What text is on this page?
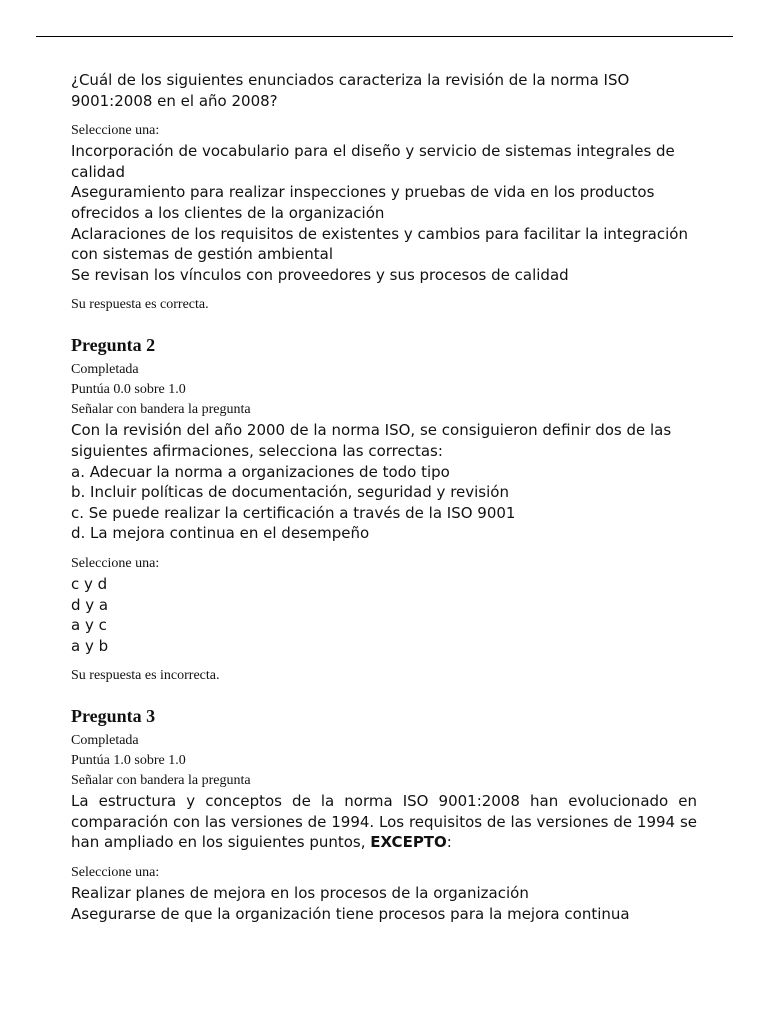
¿Cuál de los siguientes enunciados caracteriza la revisión de la norma ISO 9001:2008 en el año 2008?
Seleccione una:
Incorporación de vocabulario para el diseño y servicio de sistemas integrales de calidad
Aseguramiento para realizar inspecciones y pruebas de vida en los productos ofrecidos a los clientes de la organización
Aclaraciones de los requisitos de existentes y cambios para facilitar la integración con sistemas de gestión ambiental
Se revisan los vínculos con proveedores y sus procesos de calidad
Su respuesta es correcta.
Pregunta 2
Completada
Puntúa 0.0 sobre 1.0
Señalar con bandera la pregunta
Con la revisión del año 2000 de la norma ISO, se consiguieron definir dos de las siguientes afirmaciones, selecciona las correctas:
a. Adecuar la norma a organizaciones de todo tipo
b. Incluir políticas de documentación, seguridad y revisión
c. Se puede realizar la certificación a través de la ISO 9001
d. La mejora continua en el desempeño
Seleccione una:
c y d
d y a
a y c
a y b
Su respuesta es incorrecta.
Pregunta 3
Completada
Puntúa 1.0 sobre 1.0
Señalar con bandera la pregunta
La estructura y conceptos de la norma ISO 9001:2008 han evolucionado en comparación con las versiones de 1994. Los requisitos de las versiones de 1994 se han ampliado en los siguientes puntos, EXCEPTO:
Seleccione una:
Realizar planes de mejora en los procesos de la organización
Asegurarse de que la organización tiene procesos para la mejora continua
